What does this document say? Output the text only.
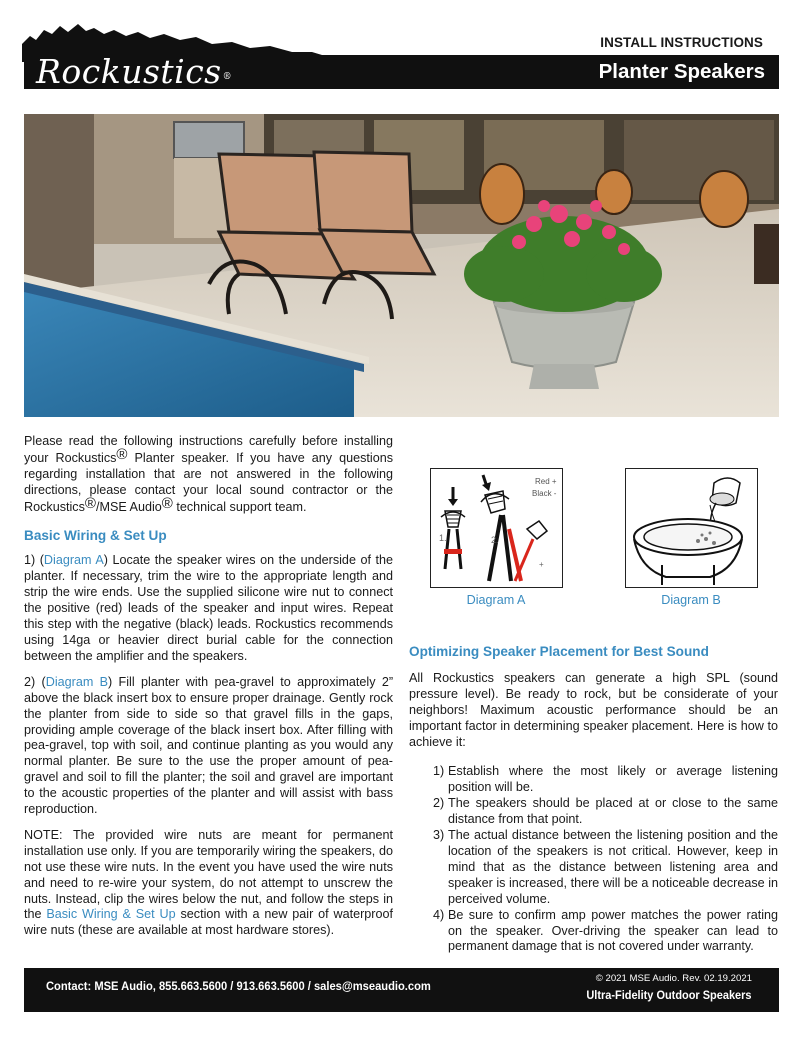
Rockustics®
INSTALL INSTRUCTIONS
Planter Speakers

Please read the following instructions carefully before installing your Rockustics® Planter speaker. If you have any questions regarding installation that are not answered in the following directions, please contact your local sound contractor or the Rockustics®/MSE Audio® technical support team.

Basic Wiring & Set Up

1) (Diagram A) Locate the speaker wires on the underside of the planter. If necessary, trim the wire to the appropriate length and strip the wire ends. Use the supplied silicone wire nut to connect the positive (red) leads of the speaker and input wires. Repeat this step with the negative (black) leads. Rockustics recommends using 14ga or heavier direct burial cable for the connection between the amplifier and the speakers.

2) (Diagram B) Fill planter with pea-gravel to approximately 2” above the black insert box to ensure proper drainage. Gently rock the planter from side to side so that gravel fills in the gaps, providing ample coverage of the black insert box. After filling with pea-gravel, top with soil, and continue planting as you would any normal planter. Be sure to the use the proper amount of pea-gravel and soil to fill the planter; the soil and gravel are important to the acoustic properties of the planter and will assist with bass reproduction.

NOTE: The provided wire nuts are meant for permanent installation use only. If you are temporarily wiring the speakers, do not use these wire nuts. In the event you have used the wire nuts and need to re-wire your system, do not attempt to unscrew the nuts. Instead, clip the wires below the nut, and follow the steps in the Basic Wiring & Set Up section with a new pair of waterproof wire nuts (these are available at most hardware stores).

Red +
Black -
1.	2.
+
Diagram A	Diagram B
Optimizing Speaker Placement for Best Sound

All Rockustics speakers can generate a high SPL (sound pressure level). Be ready to rock, but be considerate of your neighbors! Maximum acoustic performance should be an important factor in determining speaker placement. Here is how to achieve it:

1) Establish where the most likely or average listening position will be.
2) The speakers should be placed at or close to the same distance from that point.
3) The actual distance between the listening position and the location of the speakers is not critical. However, keep in mind that as the distance between listening area and speaker is increased, there will be a noticeable decrease in perceived volume.
4) Be sure to confirm amp power matches the power rating on the speaker. Over-driving the speaker can lead to permanent damage that is not covered under warranty.
Contact: MSE Audio, 855.663.5600 / 913.663.5600 / sales@mseaudio.com
© 2021 MSE Audio. Rev. 02.19.2021
Ultra-Fidelity Outdoor Speakers
